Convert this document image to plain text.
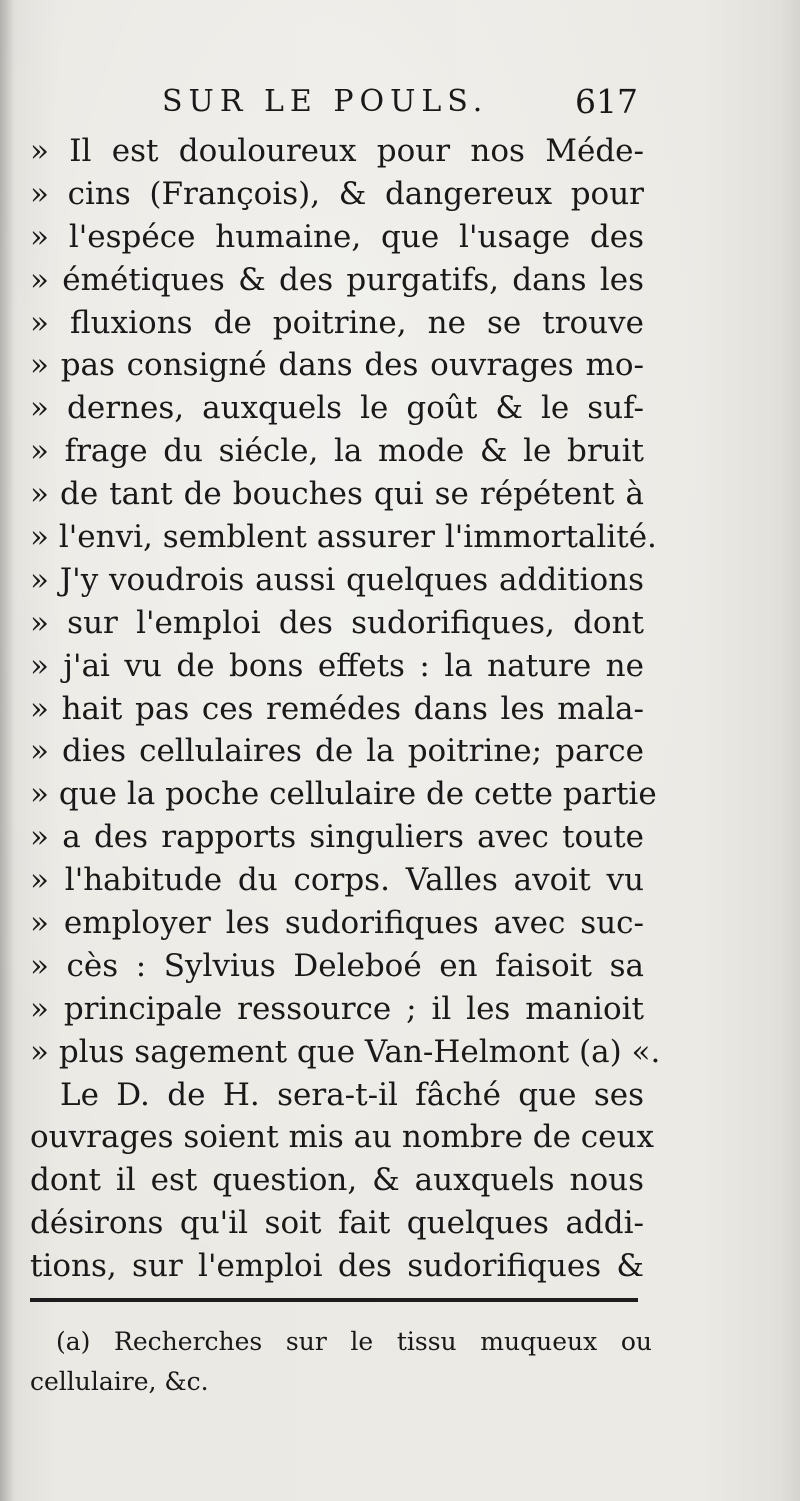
SUR LE POULS.	617
» Il est douloureux pour nos Méde-
» cins (François), & dangereux pour
» l'espéce humaine, que l'usage des
» émétiques & des purgatifs, dans les
» fluxions de poitrine, ne se trouve
» pas consigné dans des ouvrages mo-
» dernes, auxquels le goût & le suf-
» frage du siécle, la mode & le bruit
» de tant de bouches qui se répétent à
» l'envi, semblent assurer l'immortalité.
» J'y voudrois aussi quelques additions
» sur l'emploi des sudorifiques, dont
» j'ai vu de bons effets : la nature ne
» hait pas ces remédes dans les mala-
» dies cellulaires de la poitrine; parce
» que la poche cellulaire de cette partie
» a des rapports singuliers avec toute
» l'habitude du corps. Valles avoit vu
» employer les sudorifiques avec suc-
» cès : Sylvius Deleboé en faisoit sa
» principale ressource ; il les manioit
» plus sagement que Van-Helmont (a) «.
Le D. de H. sera-t-il fâché que ses
ouvrages soient mis au nombre de ceux
dont il est question, & auxquels nous
désirons qu'il soit fait quelques addi-
tions, sur l'emploi des sudorifiques &
(a) Recherches sur le tissu muqueux ou
cellulaire, &c.
